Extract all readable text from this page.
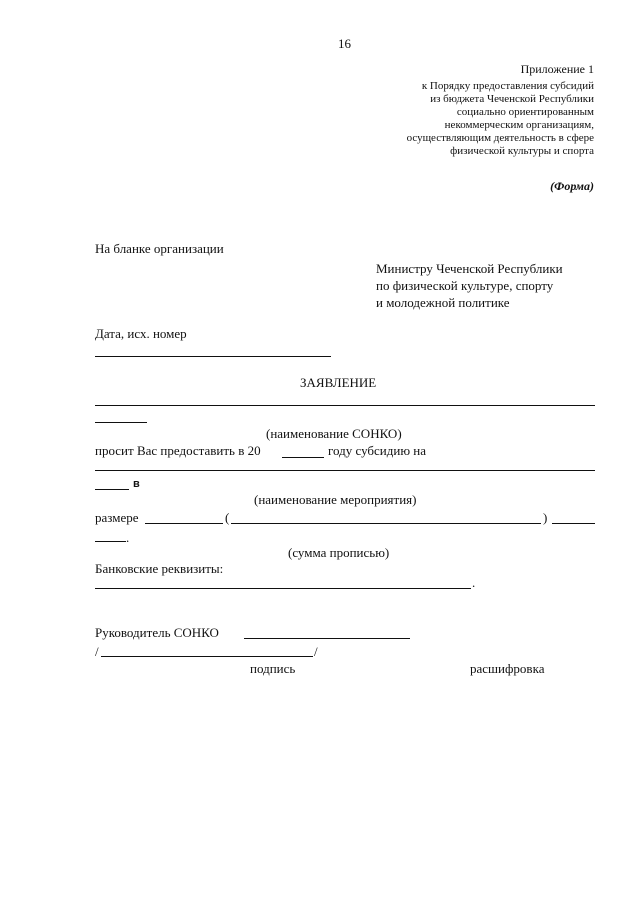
16
Приложение 1
к Порядку предоставления субсидий
из бюджета Чеченской Республики
социально ориентированным
некоммерческим организациям,
осуществляющим деятельность в сфере
физической культуры и спорта
(Форма)
На бланке организации
Министру Чеченской Республики
по физической культуре, спорту
и молодежной политике
Дата, исх. номер
ЗАЯВЛЕНИЕ
(наименование СОНКО)
просит Вас предоставить в 20	году субсидию на
в
(наименование мероприятия)
размере	(	)
.
(сумма прописью)
Банковские реквизиты:
.
Руководитель СОНКО
/	/
подпись	расшифровка
